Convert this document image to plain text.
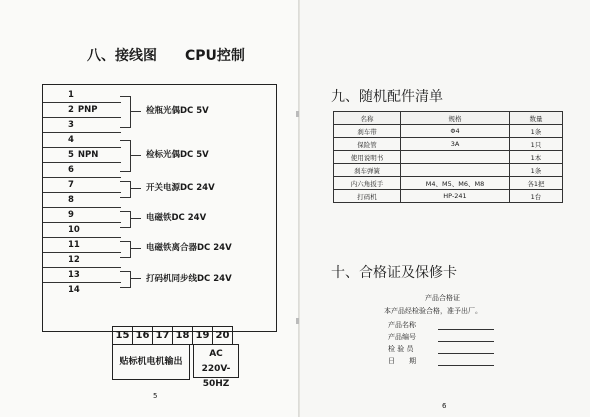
八、接线图　　CPU控制
1
2 PNP
3
4
5 NPN
6
7
8
9
10
11
12
13
14
检瓶光偶DC 5V
检标光偶DC 5V
开关电源DC 24V
电磁铁DC 24V
电磁铁离合器DC 24V
打码机同步线DC 24V
15 16 17 18 19 20
贴标机电机输出
AC 220V-
50HZ
5
九、随机配件清单
名称	规格	数量
刹车带	Φ4	1条
保险管	3A	1只
使用说明书		1本
刹车弹簧		1条
内六角扳手	M4、M5、M6、M8	各1把
打码机	HP-241	1台
十、合格证及保修卡
产品合格证
本产品经检验合格，准予出厂。
产品名称
产品编号
检 验 员
日　　期
6
